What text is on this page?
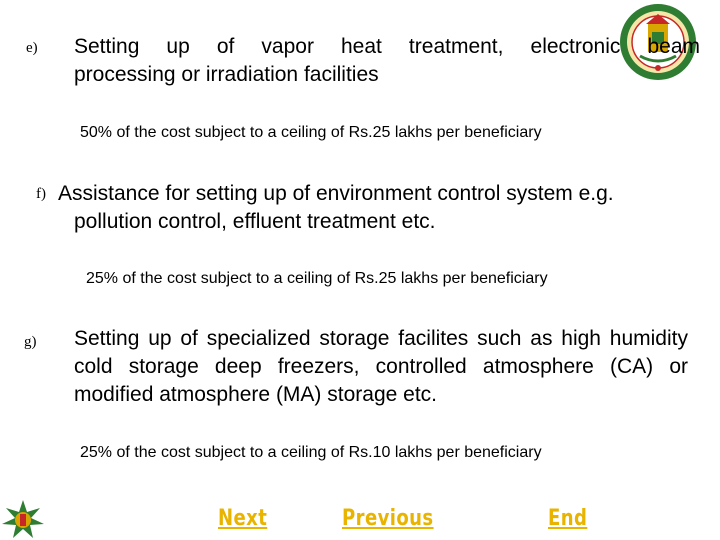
e) Setting up of vapor heat treatment, electronic beam
processing or irradiation facilities
50% of the cost subject to a ceiling of Rs.25 lakhs per beneficiary
f) Assistance for setting up of environment control system e.g.
pollution control, effluent treatment etc.
25% of the cost subject to a ceiling of Rs.25 lakhs per beneficiary
g) Setting up of specialized storage facilites such as high humidity cold storage deep freezers, controlled atmosphere (CA) or modified atmosphere (MA) storage etc.
25% of the cost subject to a ceiling of Rs.10 lakhs per beneficiary
Next	Previous	End
